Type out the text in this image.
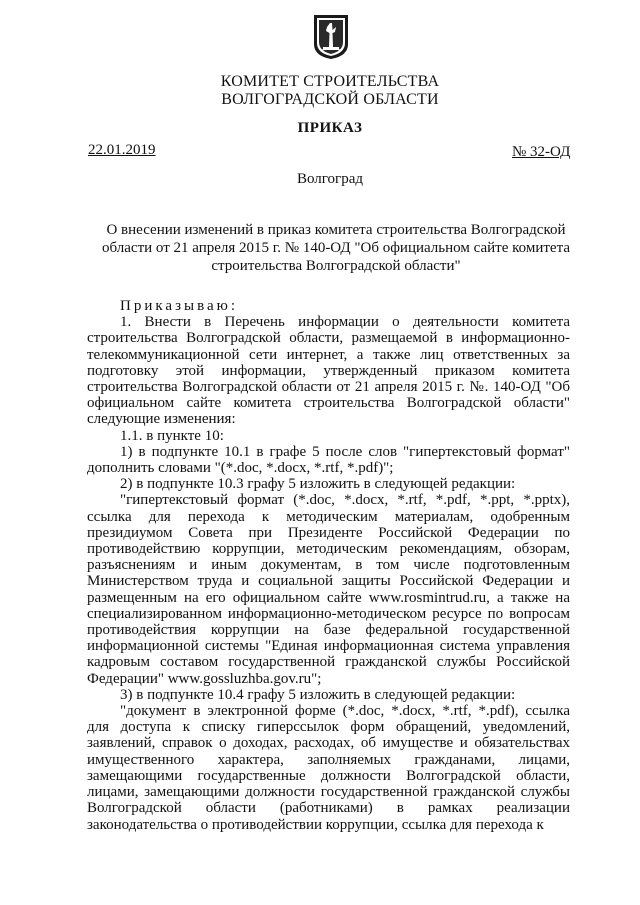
КОМИТЕТ СТРОИТЕЛЬСТВА
ВОЛГОГРАДСКОЙ ОБЛАСТИ
ПРИКАЗ
22.01.2019	№ 32-ОД
Волгоград
О внесении изменений в приказ комитета строительства Волгоградской области от 21 апреля 2015 г. № 140-ОД "Об официальном сайте комитета строительства Волгоградской области"

Приказываю:

1. Внести в Перечень информации о деятельности комитета строительства Волгоградской области, размещаемой в информационно-телекоммуникационной сети интернет, а также лиц ответственных за подготовку этой информации, утвержденный приказом комитета строительства Волгоградской области от 21 апреля 2015 г. №. 140-ОД "Об официальном сайте комитета строительства Волгоградской области" следующие изменения:

1.1. в пункте 10:

1) в подпункте 10.1 в графе 5 после слов "гипертекстовый формат" дополнить словами "(*.doc, *.docx, *.rtf, *.pdf)";

2) в подпункте 10.3 графу 5 изложить в следующей редакции:

"гипертекстовый формат (*.doc, *.docx, *.rtf, *.pdf, *.ppt, *.pptx), ссылка для перехода к методическим материалам, одобренным президиумом Совета при Президенте Российской Федерации по противодействию коррупции, методическим рекомендациям, обзорам, разъяснениям и иным документам, в том числе подготовленным Министерством труда и социальной защиты Российской Федерации и размещенным на его официальном сайте www.rosmintrud.ru, а также на специализированном информационно-методическом ресурсе по вопросам противодействия коррупции на базе федеральной государственной информационной системы "Единая информационная система управления кадровым составом государственной гражданской службы Российской Федерации" www.gossluzhba.gov.ru";

3) в подпункте 10.4 графу 5 изложить в следующей редакции:

"документ в электронной форме (*.doc, *.docx, *.rtf, *.pdf), ссылка для доступа к списку гиперссылок форм обращений, уведомлений, заявлений, справок о доходах, расходах, об имуществе и обязательствах имущественного характера, заполняемых гражданами, лицами, замещающими государственные должности Волгоградской области, лицами, замещающими должности государственной гражданской службы Волгоградской области (работниками) в рамках реализации законодательства о противодействии коррупции, ссылка для перехода к
